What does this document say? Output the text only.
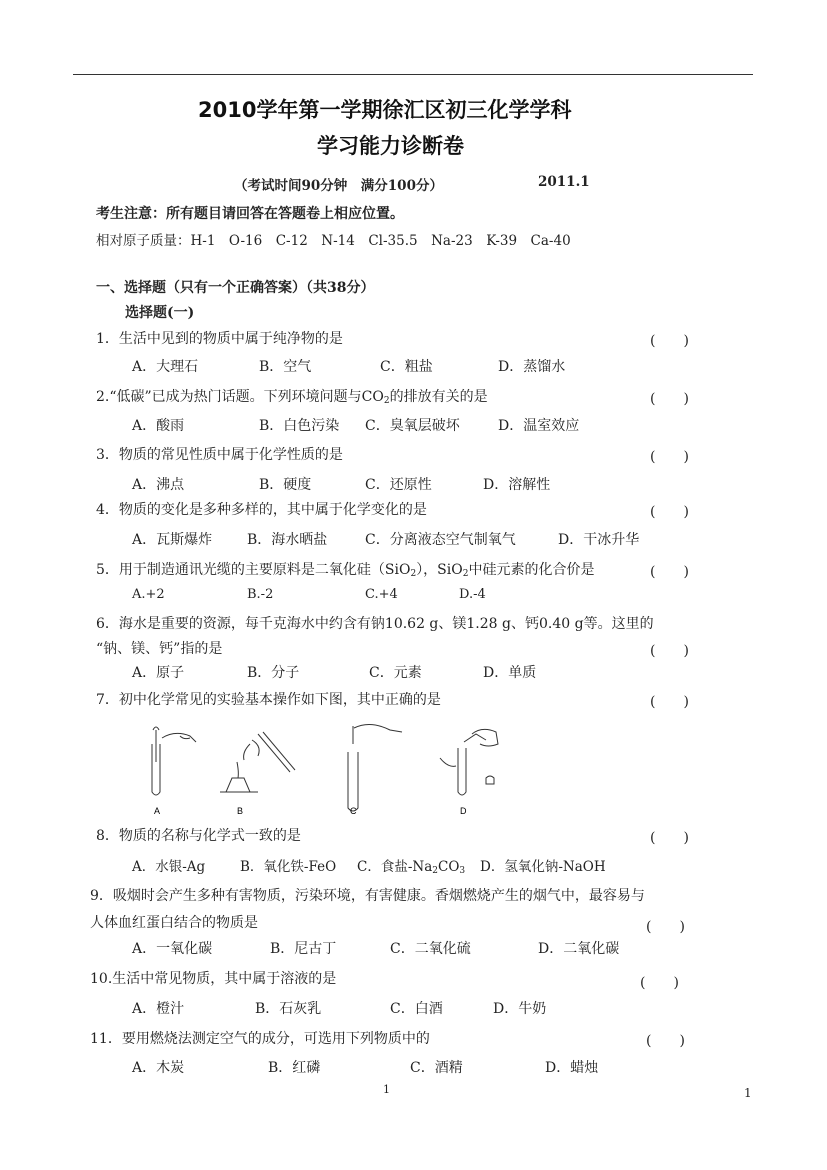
2010学年第一学期徐汇区初三化学学科
学习能力诊断卷
（考试时间90分钟　满分100分）	2011.1
考生注意：所有题目请回答在答题卷上相应位置。
相对原子质量：H-1　O-16　C-12　N-14　Cl-35.5　Na-23　K-39　Ca-40
一、选择题（只有一个正确答案）（共38分）
选择题(一)
1．生活中见到的物质中属于纯净物的是	(　　)
A．大理石	B．空气	C．粗盐	D．蒸馏水
2.“低碳”已成为热门话题。下列环境问题与$CO_2$的排放有关的是	(　　)
A．酸雨	B．白色污染 C．臭氧层破坏	D．温室效应
3．物质的常见性质中属于化学性质的是	(　　)
A．沸点	B．硬度	C．还原性	D．溶解性
4．物质的变化是多种多样的，其中属于化学变化的是	(　　)
A．瓦斯爆炸 B．海水晒盐	C．分离液态空气制氧气	D．干冰升华
5．用于制造通讯光缆的主要原料是二氧化硅（SiO$_2$），SiO$_2$中硅元素的化合价是	(　　)
A.+2	B.-2	C.+4	D.-4
6．海水是重要的资源，每千克海水中约含有钠10.62 g、镁1.28 g、钙0.40 g等。这里的
“钠、镁、钙”指的是	(　　)
A．原子	B．分子	C．元素	D．单质
7．初中化学常见的实验基本操作如下图，其中正确的是	(　　)
A	B	C	D
8．物质的名称与化学式一致的是	(　　)
A．水银-Ag	B．氧化铁-FeO C．食盐$-Na_2CO_3$ D．氢氧化钠-NaOH
9．吸烟时会产生多种有害物质，污染环境，有害健康。香烟燃烧产生的烟气中，最容易与
人体血红蛋白结合的物质是	(　　)
A．一氧化碳	B．尼古丁	C．二氧化硫	D．二氧化碳
10.生活中常见物质，其中属于溶液的是	(　　)
A．橙汁	B．石灰乳	C．白酒	D．牛奶
11．要用燃烧法测定空气的成分，可选用下列物质中的	(　　)
A．木炭	B．红磷	C．酒精	D．蜡烛
1	1
